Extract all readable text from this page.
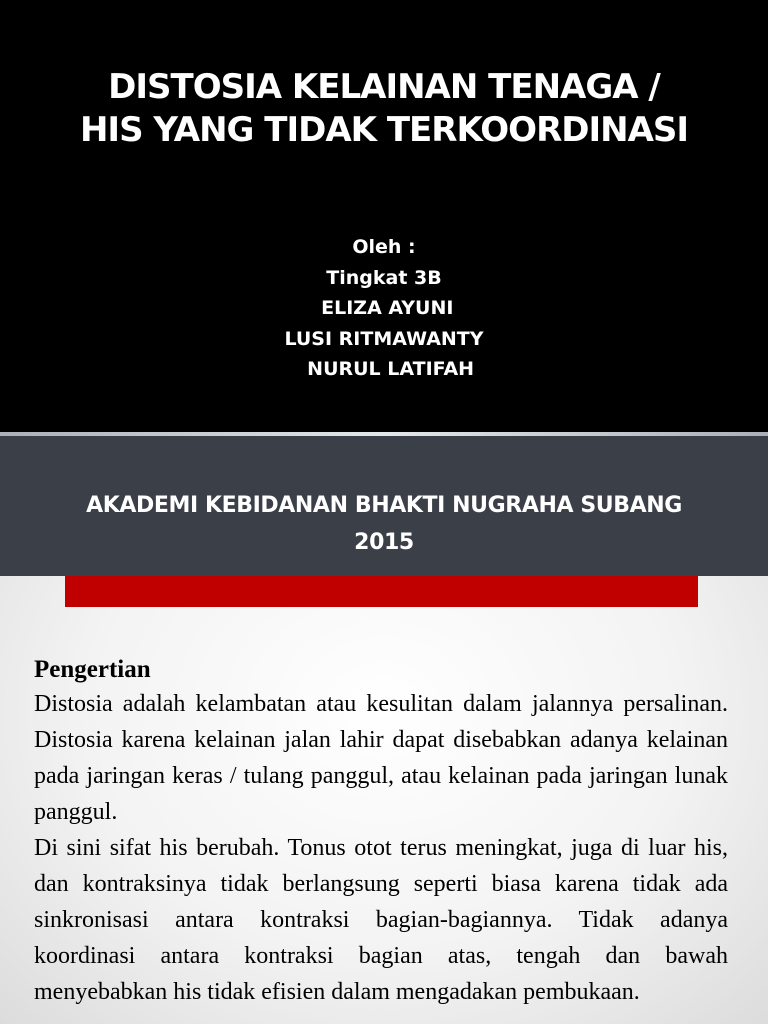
DISTOSIA KELAINAN TENAGA /
HIS YANG TIDAK TERKOORDINASI
Oleh :
Tingkat 3B
ELIZA AYUNI
LUSI RITMAWANTY
NURUL LATIFAH
AKADEMI KEBIDANAN BHAKTI NUGRAHA SUBANG
2015
Pengertian

Distosia adalah kelambatan atau kesulitan dalam jalannya persalinan. Distosia karena kelainan jalan lahir dapat disebabkan adanya kelainan pada jaringan keras / tulang panggul, atau kelainan pada jaringan lunak panggul.

Di sini sifat his berubah. Tonus otot terus meningkat, juga di luar his, dan kontraksinya tidak berlangsung seperti biasa karena tidak ada sinkronisasi antara kontraksi bagian-bagiannya. Tidak adanya koordinasi antara kontraksi bagian atas, tengah dan bawah menyebabkan his tidak efisien dalam mengadakan pembukaan.
